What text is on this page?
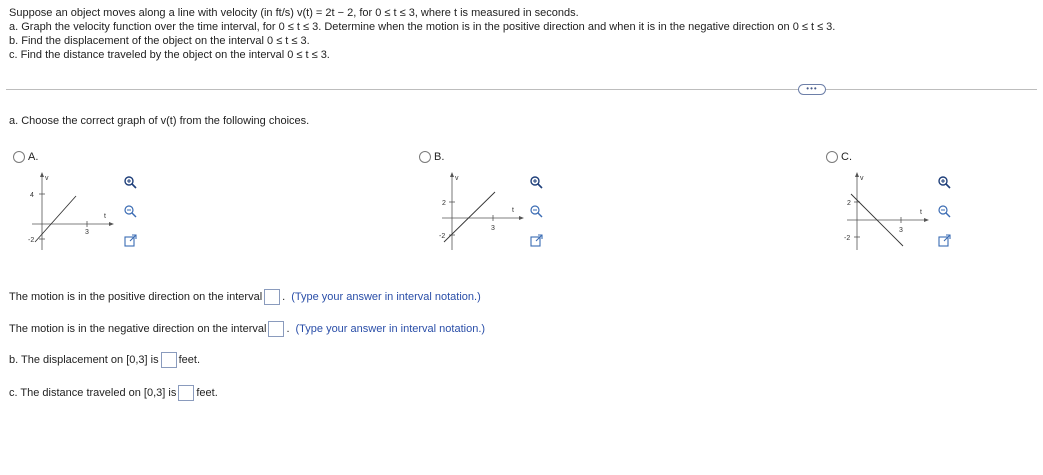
Suppose an object moves along a line with velocity (in ft/s) v(t) = 2t − 2, for 0 ≤ t ≤ 3, where t is measured in seconds.
a. Graph the velocity function over the time interval, for 0 ≤ t ≤ 3. Determine when the motion is in the positive direction and when it is in the negative direction on 0 ≤ t ≤ 3.
b. Find the displacement of the object on the interval 0 ≤ t ≤ 3.
c. Find the distance traveled by the object on the interval 0 ≤ t ≤ 3.
•••
a. Choose the correct graph of v(t) from the following choices.
A.
v
4
-2
3
t
B.
v
2
-2
3
t
C.
v
2
-2
3
t
The motion is in the positive direction on the interval . (Type your answer in interval notation.)
The motion is in the negative direction on the interval . (Type your answer in interval notation.)
b. The displacement on [0,3] is feet.
c. The distance traveled on [0,3] is feet.
